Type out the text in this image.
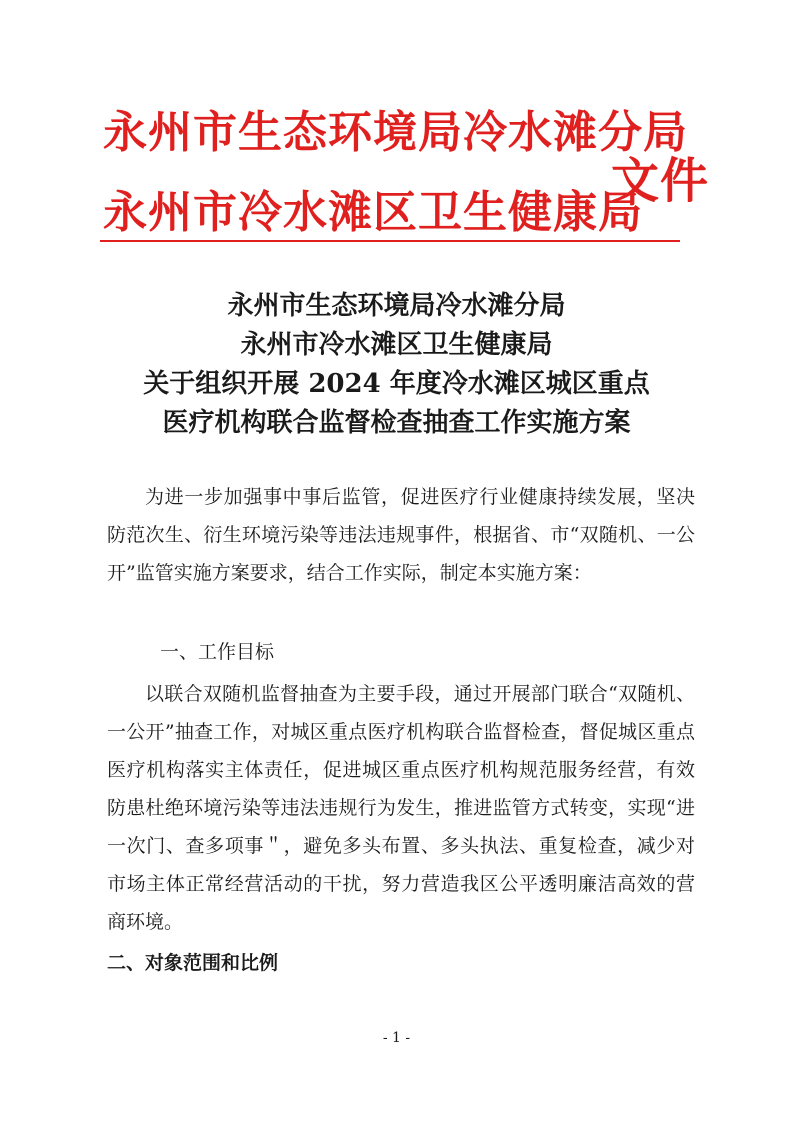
永州市生态环境局冷水滩分局
永州市冷水滩区卫生健康局
文件
永州市生态环境局冷水滩分局
永州市冷水滩区卫生健康局
关于组织开展 2024 年度冷水滩区城区重点
医疗机构联合监督检查抽查工作实施方案
为进一步加强事中事后监管，促进医疗行业健康持续发展，坚决防范次生、衍生环境污染等违法违规事件，根据省、市“双随机、一公开”监管实施方案要求，结合工作实际，制定本实施方案：
一、工作目标
以联合双随机监督抽查为主要手段，通过开展部门联合“双随机、一公开”抽查工作，对城区重点医疗机构联合监督检查，督促城区重点医疗机构落实主体责任，促进城区重点医疗机构规范服务经营，有效防患杜绝环境污染等违法违规行为发生，推进监管方式转变，实现“进一次门、查多项事＂，避免多头布置、多头执法、重复检查，减少对市场主体正常经营活动的干扰，努力营造我区公平透明廉洁高效的营商环境。
二、对象范围和比例
- 1 -
